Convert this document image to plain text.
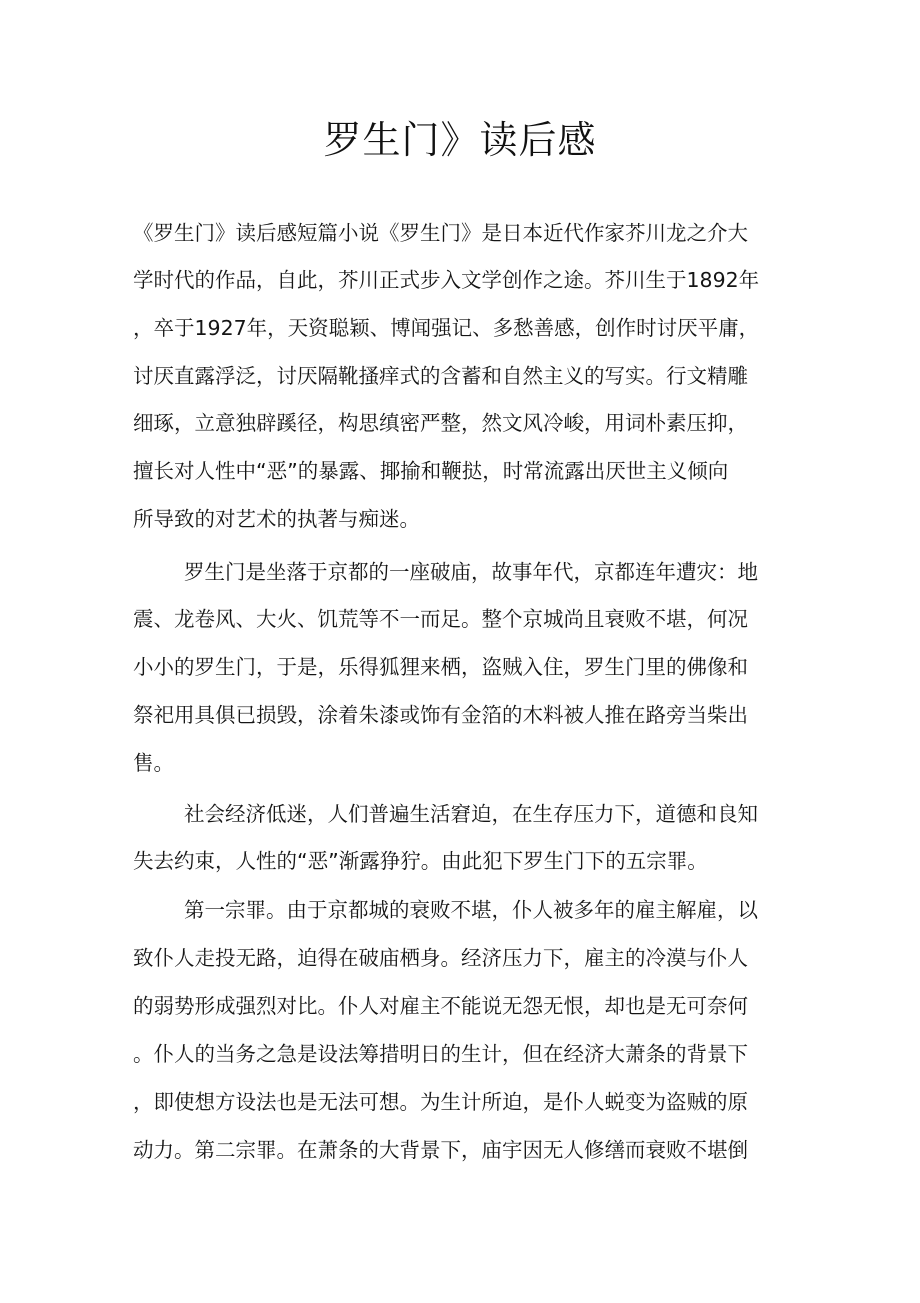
罗生门》读后感
《罗生门》读后感短篇小说《罗生门》是日本近代作家芥川龙之介大
学时代的作品，自此，芥川正式步入文学创作之途。芥川生于1892年
，卒于1927年，天资聪颖、博闻强记、多愁善感，创作时讨厌平庸，
讨厌直露浮泛，讨厌隔靴搔痒式的含蓄和自然主义的写实。行文精雕
细琢，立意独辟蹊径，构思缜密严整，然文风冷峻，用词朴素压抑，
擅长对人性中“恶”的暴露、揶揄和鞭挞，时常流露出厌世主义倾向
所导致的对艺术的执著与痴迷。
罗生门是坐落于京都的一座破庙，故事年代，京都连年遭灾：地
震、龙卷风、大火、饥荒等不一而足。整个京城尚且衰败不堪，何况
小小的罗生门，于是，乐得狐狸来栖，盗贼入住，罗生门里的佛像和
祭祀用具俱已损毁，涂着朱漆或饰有金箔的木料被人推在路旁当柴出
售。
社会经济低迷，人们普遍生活窘迫，在生存压力下，道德和良知
失去约束，人性的“恶”渐露狰狞。由此犯下罗生门下的五宗罪。
第一宗罪。由于京都城的衰败不堪，仆人被多年的雇主解雇，以
致仆人走投无路，迫得在破庙栖身。经济压力下，雇主的冷漠与仆人
的弱势形成强烈对比。仆人对雇主不能说无怨无恨，却也是无可奈何
。仆人的当务之急是设法筹措明日的生计，但在经济大萧条的背景下
，即使想方设法也是无法可想。为生计所迫，是仆人蜕变为盗贼的原
动力。第二宗罪。在萧条的大背景下，庙宇因无人修缮而衰败不堪倒
